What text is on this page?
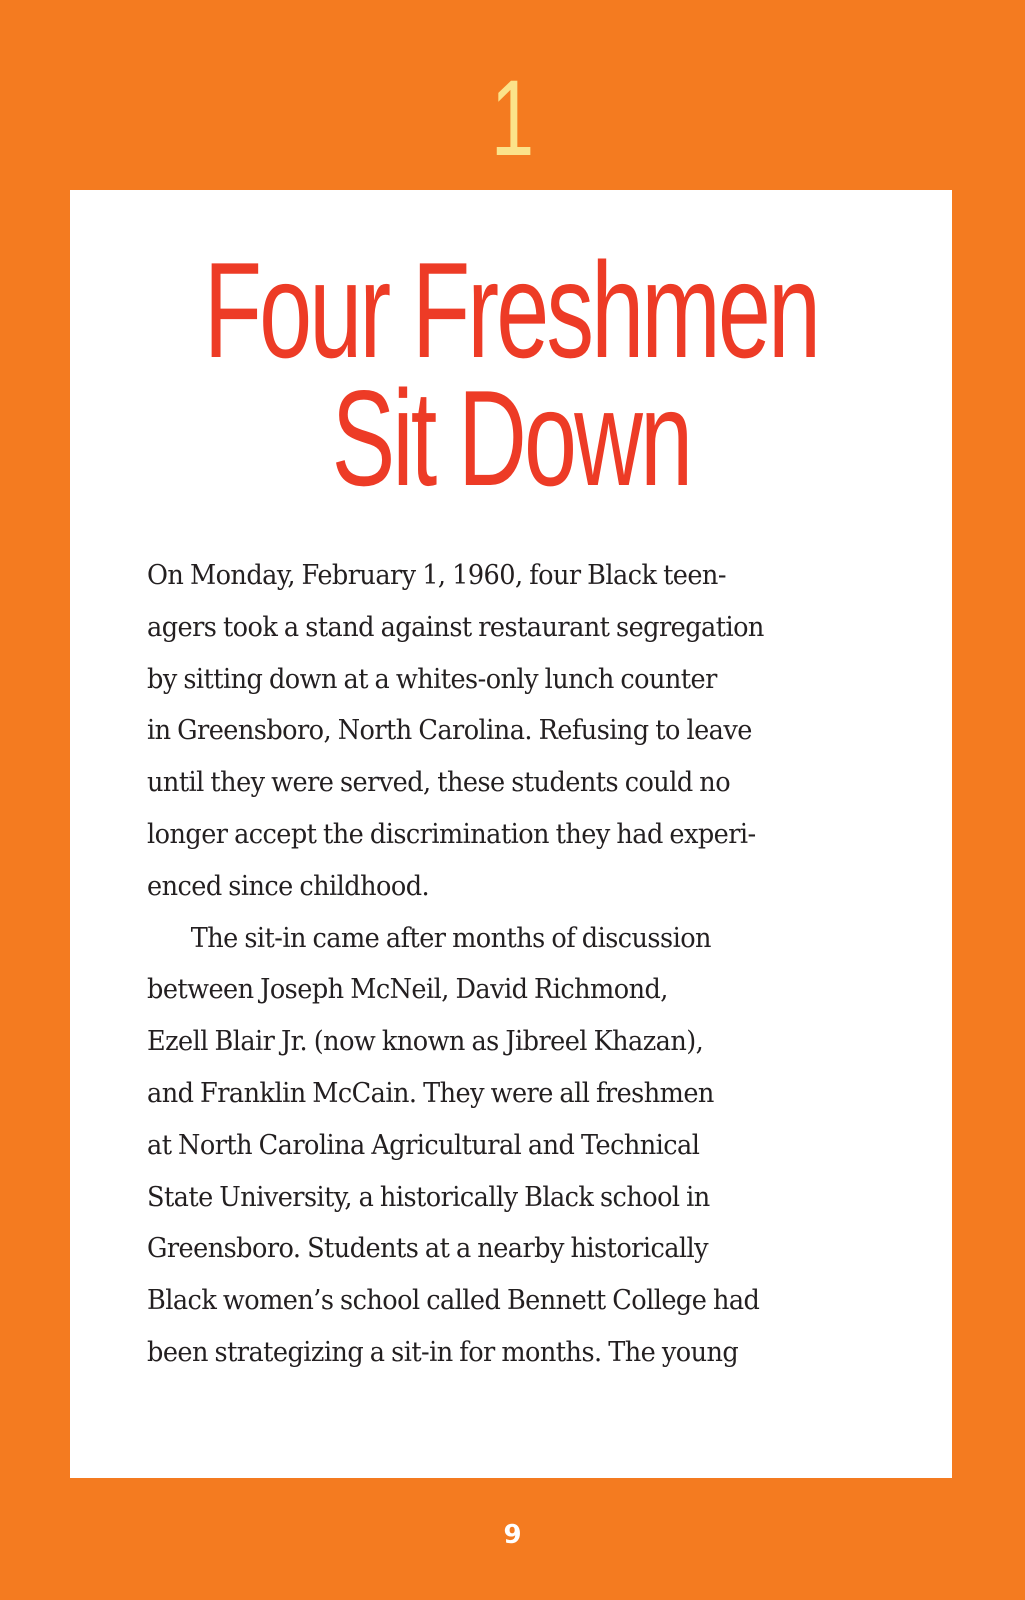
1
Four Freshmen
Sit Down
On Monday, February 1, 1960, four Black teen-
agers took a stand against restaurant segregation
by sitting down at a whites-only lunch counter
in Greensboro, North Carolina. Refusing to leave
until they were served, these students could no
longer accept the discrimination they had experi-
enced since childhood.
The sit-in came after months of discussion
between Joseph McNeil, David Richmond,
Ezell Blair Jr. (now known as Jibreel Khazan),
and Franklin McCain. They were all freshmen
at North Carolina Agricultural and Technical
State University, a historically Black school in
Greensboro. Students at a nearby historically
Black women’s school called Bennett College had
been strategizing a sit-in for months. The young
9
